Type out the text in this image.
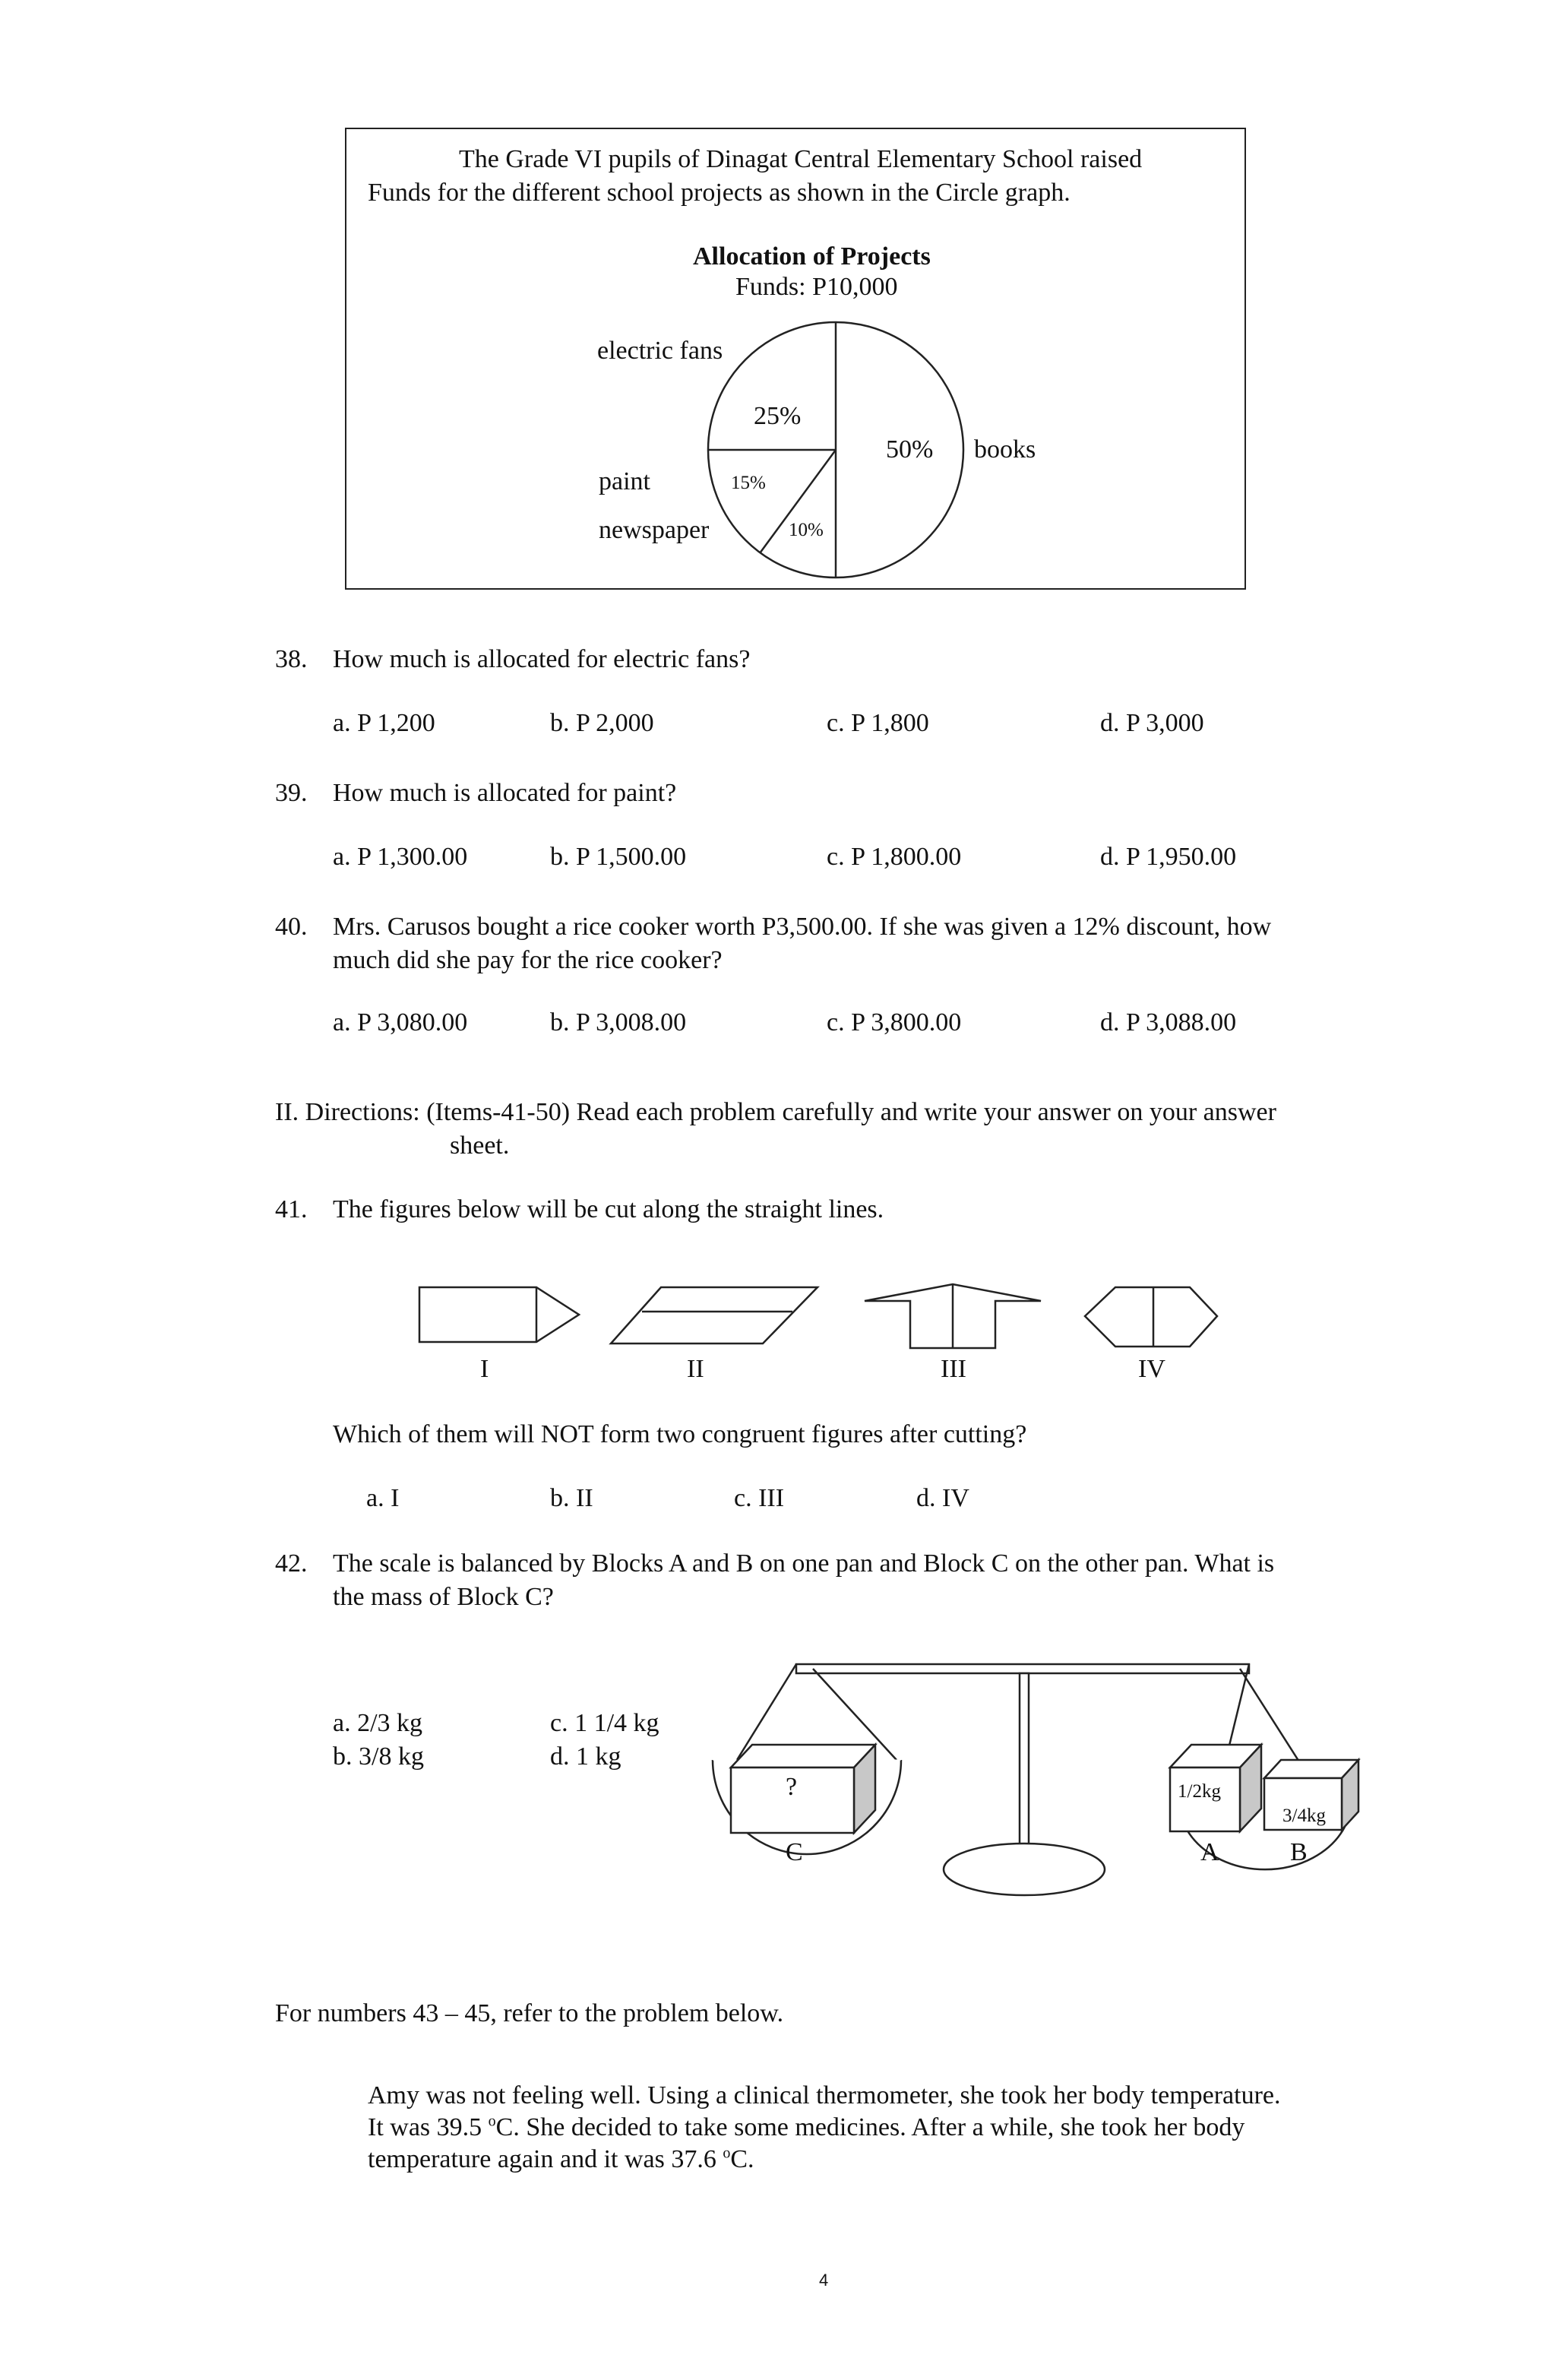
The Grade VI pupils of Dinagat Central Elementary School raised
Funds for the different school projects as shown in the Circle graph.
Allocation of Projects
Funds: P10,000
electric fans
25%
50% books
paint	15%
newspaper	10%
38. How much is allocated for electric fans?
a. P 1,200	b. P 2,000	c. P 1,800	d. P 3,000
39. How much is allocated for paint?
a. P 1,300.00	b. P 1,500.00	c. P 1,800.00	d. P 1,950.00
40. Mrs. Carusos bought a rice cooker worth P3,500.00. If she was given a 12% discount, how
much did she pay for the rice cooker?
a. P 3,080.00	b. P 3,008.00	c. P 3,800.00	d. P 3,088.00
II. Directions: (Items-41-50) Read each problem carefully and write your answer on your answer
sheet.
41. The figures below will be cut along the straight lines.
I	II	III	IV
Which of them will NOT form two congruent figures after cutting?
a. I	b. II	c. III	d. IV
42. The scale is balanced by Blocks A and B on one pan and Block C on the other pan. What is
the mass of Block C?
a. 2/3 kg	c. 1 1/4 kg
b. 3/8 kg	d. 1 kg
?
C
1/2kg
3/4kg
A	B
For numbers 43 – 45, refer to the problem below.
Amy was not feeling well. Using a clinical thermometer, she took her body temperature.
It was 39.5 $^o$C. She decided to take some medicines. After a while, she took her body
temperature again and it was 37.6 $^o$C.
4
